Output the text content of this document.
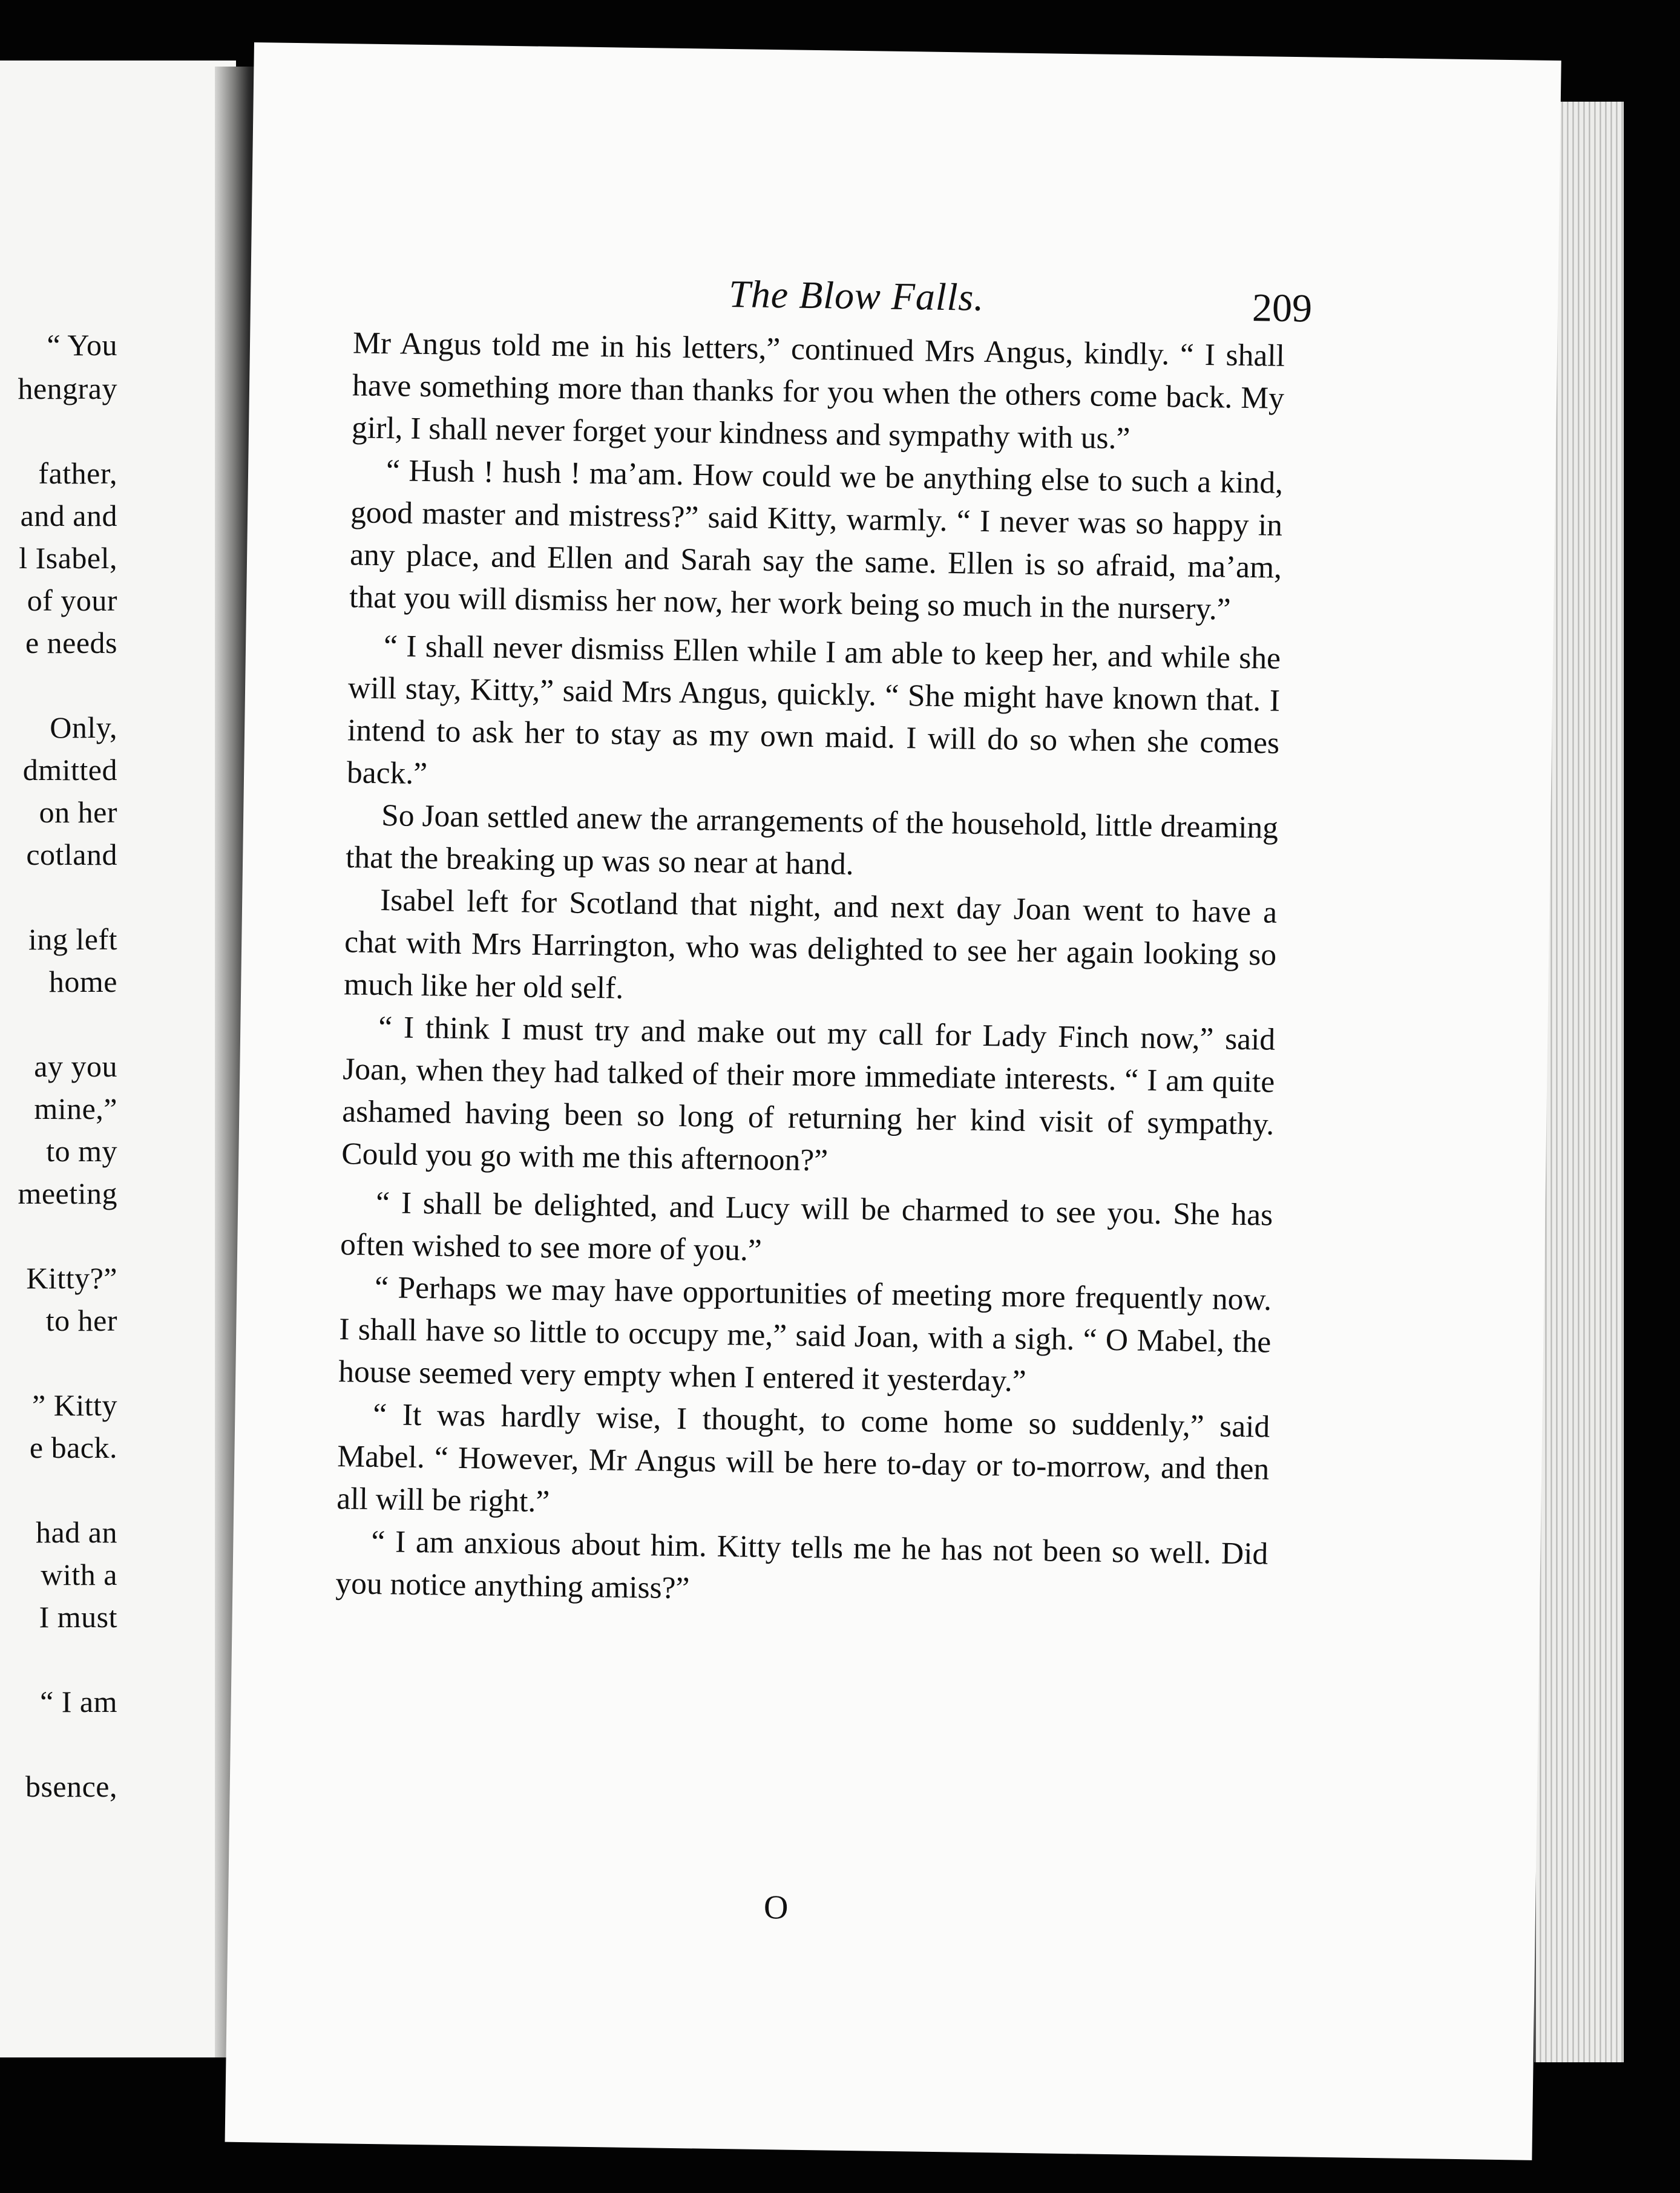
“ You
hengray
father,
and and
l Isabel,
of your
e needs
Only,
dmitted
on her
cotland
ing left
home
ay you
mine,”
to my
meeting
Kitty?”
to her
” Kitty
e back.
had an
with a
I must
“ I am
bsence,
The Blow Falls.	209

Mr Angus told me in his letters,” continued Mrs Angus, kindly. “ I shall have something more than thanks for you when the others come back. My girl, I shall never forget your kindness and sympathy with us.”

“ Hush ! hush ! ma’am. How could we be anything else to such a kind, good master and mistress?” said Kitty, warmly. “ I never was so happy in any place, and Ellen and Sarah say the same. Ellen is so afraid, ma’am, that you will dismiss her now, her work being so much in the nursery.”

“ I shall never dismiss Ellen while I am able to keep her, and while she will stay, Kitty,” said Mrs Angus, quickly. “ She might have known that. I intend to ask her to stay as my own maid. I will do so when she comes back.”

So Joan settled anew the arrangements of the household, little dreaming that the breaking up was so near at hand.

Isabel left for Scotland that night, and next day Joan went to have a chat with Mrs Harrington, who was delighted to see her again looking so much like her old self.

“ I think I must try and make out my call for Lady Finch now,” said Joan, when they had talked of their more immediate interests. “ I am quite ashamed having been so long of returning her kind visit of sympathy. Could you go with me this afternoon?”

“ I shall be delighted, and Lucy will be charmed to see you. She has often wished to see more of you.”

“ Perhaps we may have opportunities of meeting more frequently now. I shall have so little to occupy me,” said Joan, with a sigh. “ O Mabel, the house seemed very empty when I entered it yesterday.”

“ It was hardly wise, I thought, to come home so suddenly,” said Mabel. “ However, Mr Angus will be here to-day or to-morrow, and then all will be right.”

“ I am anxious about him. Kitty tells me he has not been so well. Did you notice anything amiss?”

O
